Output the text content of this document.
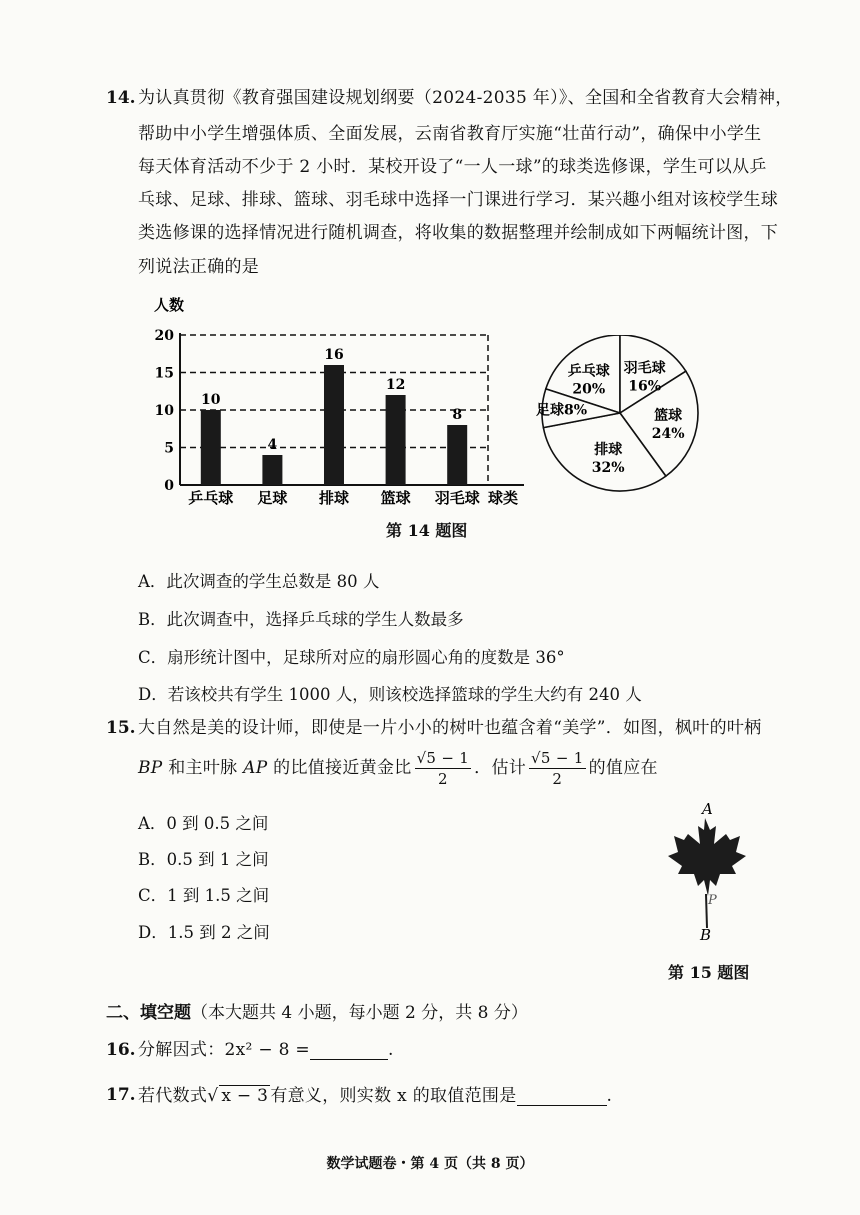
14. 为认真贯彻《教育强国建设规划纲要（2024-2035 年）》、全国和全省教育大会精神，
帮助中小学生增强体质、全面发展，云南省教育厅实施“壮苗行动”，确保中小学生
每天体育活动不少于 2 小时．某校开设了“一人一球”的球类选修课，学生可以从乒
乓球、足球、排球、篮球、羽毛球中选择一门课进行学习．某兴趣小组对该校学生球
类选修课的选择情况进行随机调查，将收集的数据整理并绘制成如下两幅统计图，下
列说法正确的是
人数
0
5
10
15
20
10
4
16
12
8
乒乓球 足球 排球 篮球 羽毛球 球类
乒乓球
20%
羽毛球
16%
篮球
24%
排球
32%
足球8%
第 14 题图
A．此次调查的学生总数是 80 人
B．此次调查中，选择乒乓球的学生人数最多
C．扇形统计图中，足球所对应的扇形圆心角的度数是 36°
D．若该校共有学生 1000 人，则该校选择篮球的学生大约有 240 人
15. 大自然是美的设计师，即使是一片小小的树叶也蕴含着“美学”．如图，枫叶的叶柄
BP 和主叶脉 AP 的比值接近黄金比 $\frac{√5 - 1}{2}$ ．估计 $\frac{√5 - 1}{2}$ 的值应在
A．0 到 0.5 之间
B．0.5 到 1 之间
C．1 到 1.5 之间
D．1.5 到 2 之间
A
P
B
第 15 题图
二、填空题（本大题共 4 小题，每小题 2 分，共 8 分）
16. 分解因式：2x² − 8 =	.
17. 若代数式√ x − 3 有意义，则实数 x 的取值范围是	.
数学试题卷・第 4 页（共 8 页）
